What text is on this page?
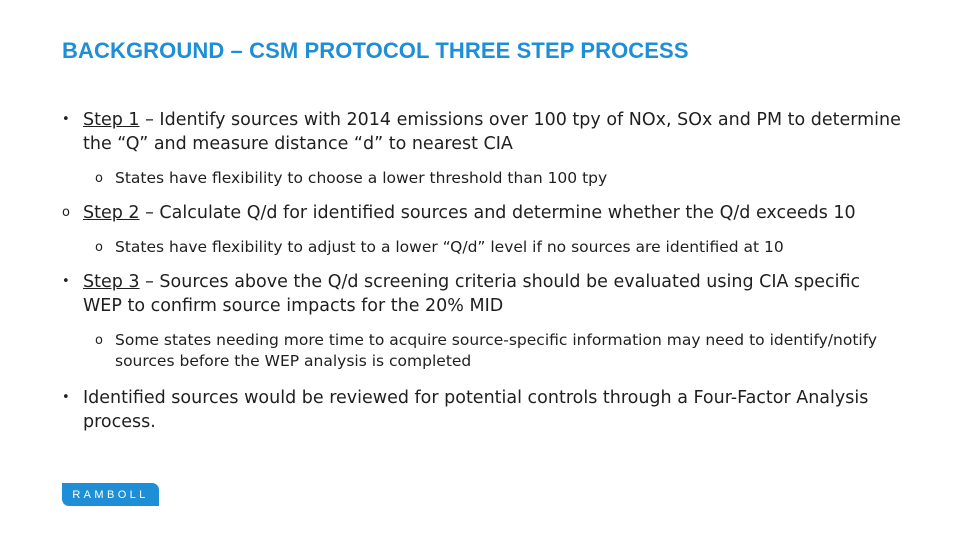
BACKGROUND – CSM PROTOCOL THREE STEP PROCESS
• Step 1 – Identify sources with 2014 emissions over 100 tpy of NOx, SOx and PM to determine the “Q” and measure distance “d” to nearest CIA
o States have flexibility to choose a lower threshold than 100 tpy
o Step 2 – Calculate Q/d for identified sources and determine whether the Q/d exceeds 10
o States have flexibility to adjust to a lower “Q/d” level if no sources are identified at 10
• Step 3 – Sources above the Q/d screening criteria should be evaluated using CIA specific WEP to confirm source impacts for the 20% MID
o Some states needing more time to acquire source-specific information may need to identify/notify sources before the WEP analysis is completed
• Identified sources would be reviewed for potential controls through a Four-Factor Analysis process.
RAMBOLL
